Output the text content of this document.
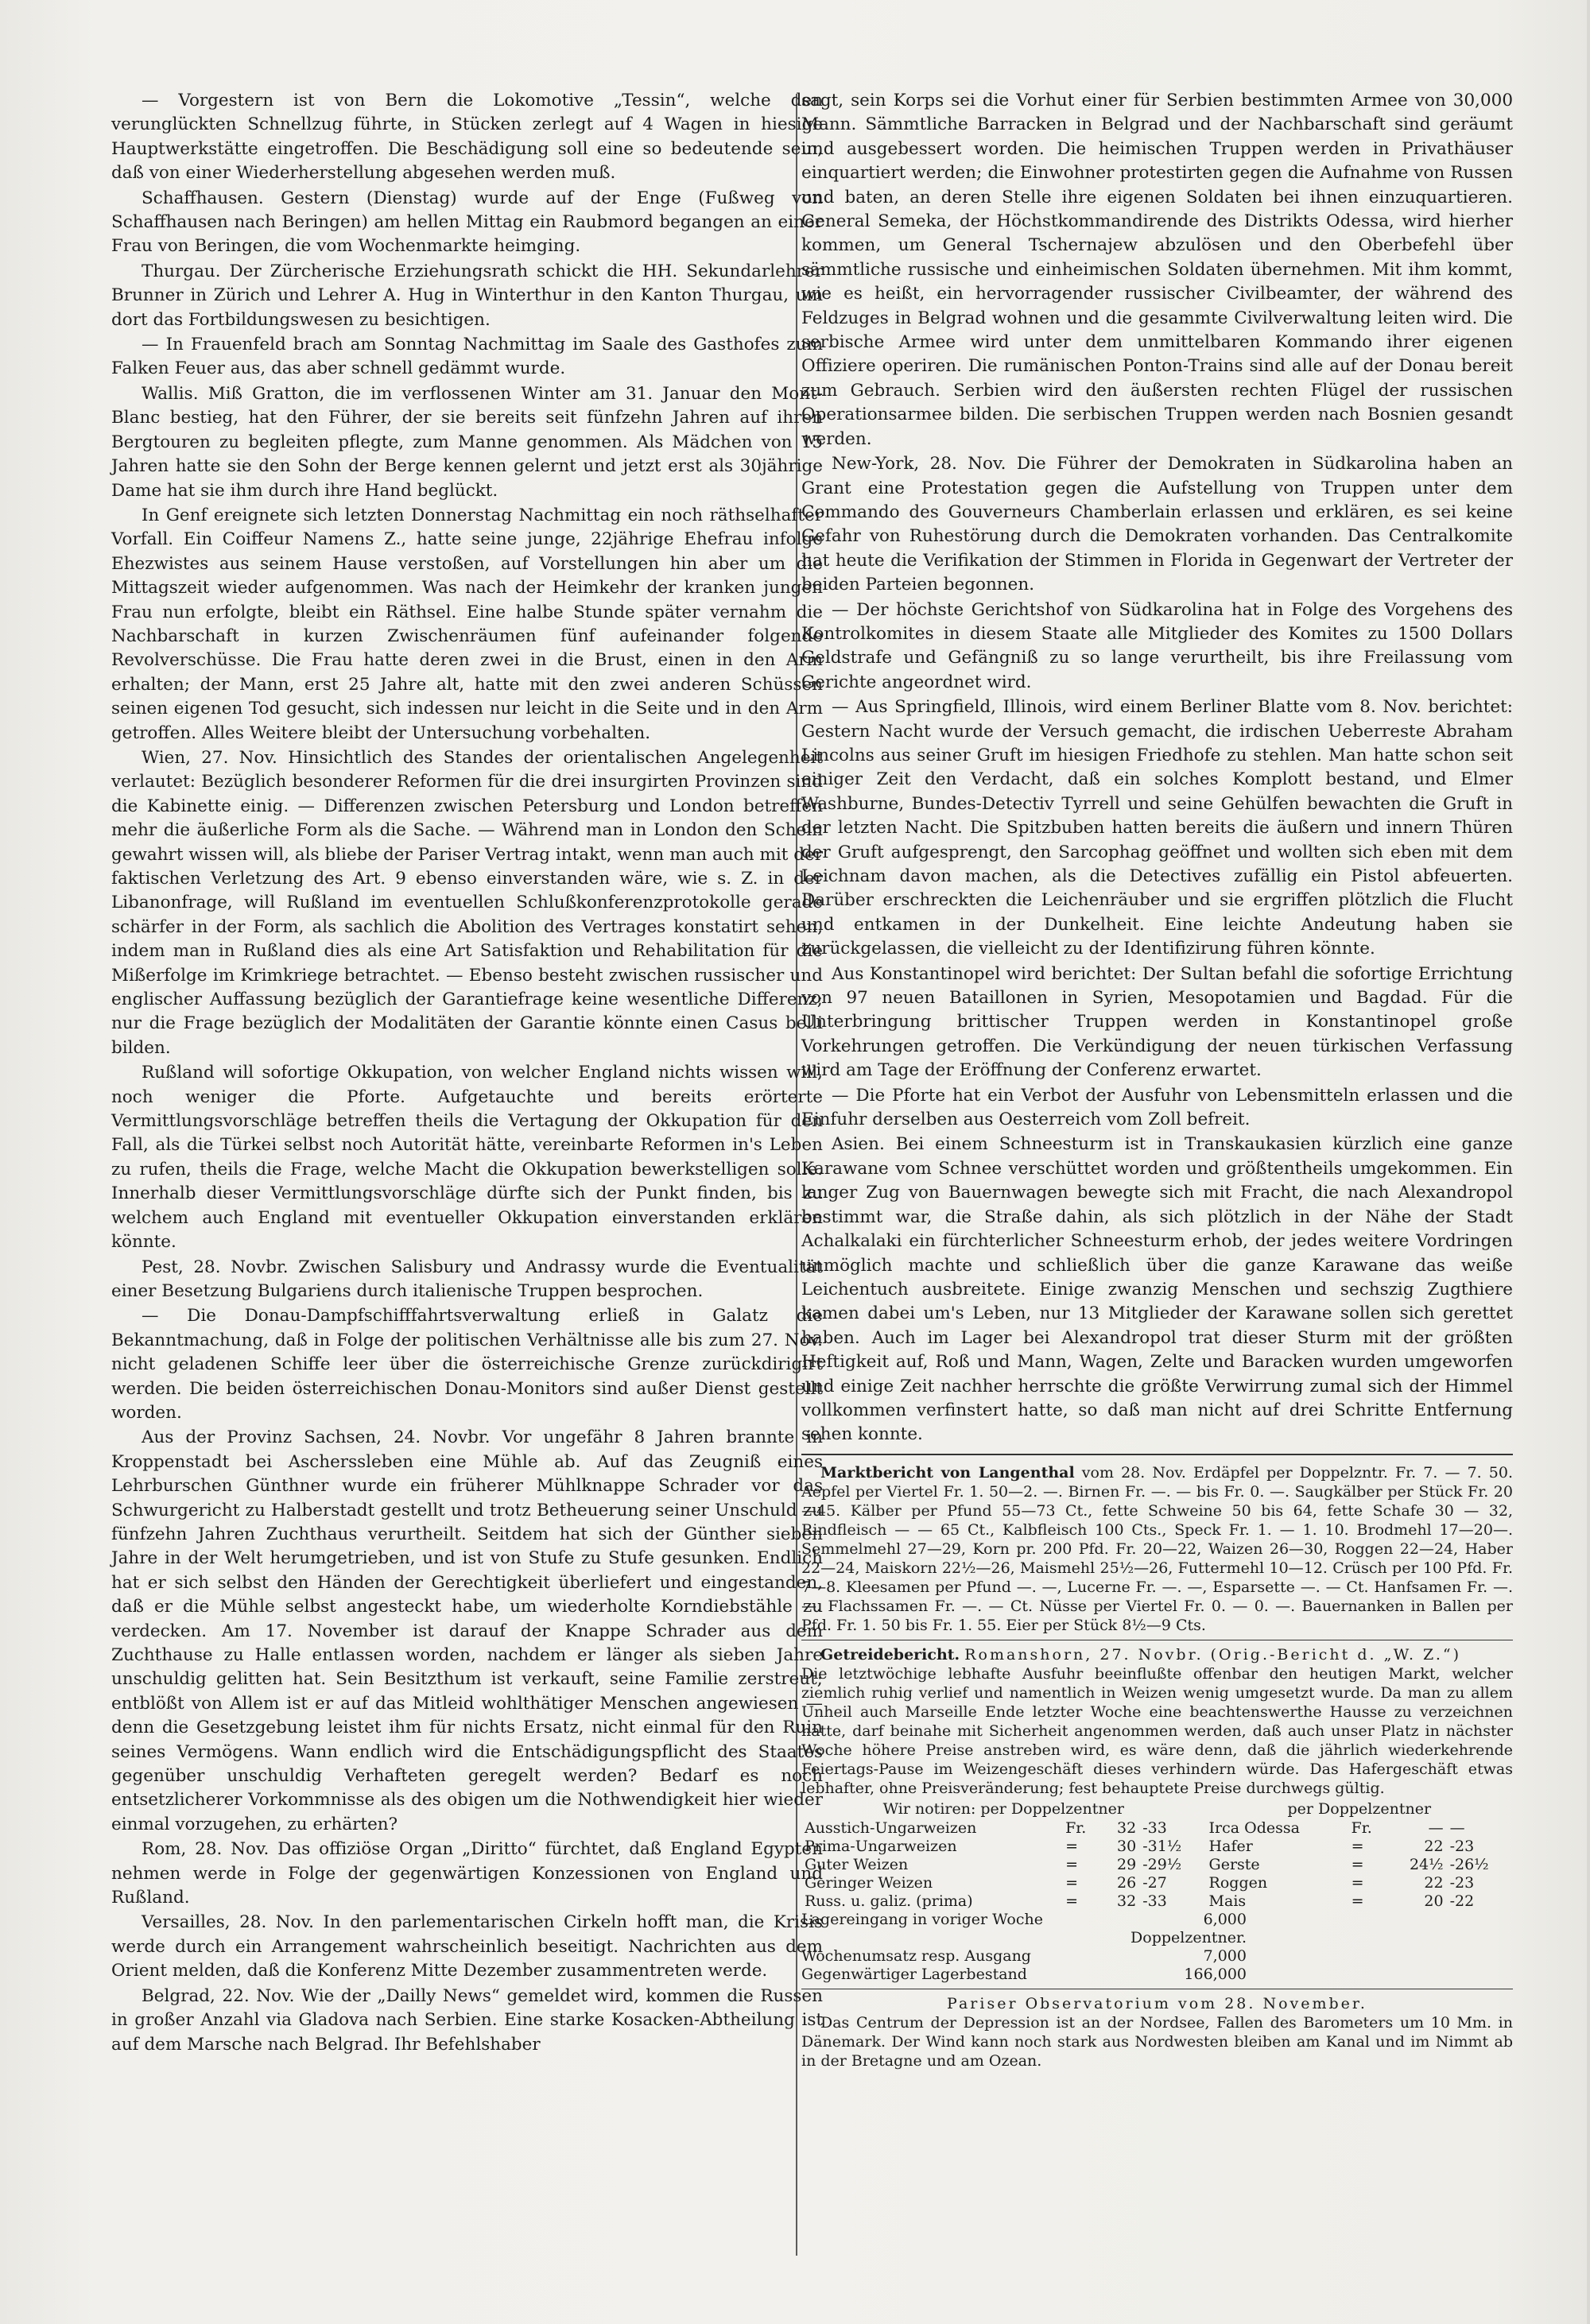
— Vorgestern ist von Bern die Lokomotive „Tessin“, welche den verunglückten Schnellzug führte, in Stücken zerlegt auf 4 Wagen in hiesige Hauptwerkstätte eingetroffen. Die Beschädigung soll eine so bedeutende sein, daß von einer Wiederherstellung abgesehen werden muß.

Schaffhausen. Gestern (Dienstag) wurde auf der Enge (Fußweg von Schaffhausen nach Beringen) am hellen Mittag ein Raubmord begangen an einer Frau von Beringen, die vom Wochenmarkte heimging.

Thurgau. Der Zürcherische Erziehungsrath schickt die HH. Sekundarlehrer Brunner in Zürich und Lehrer A. Hug in Winterthur in den Kanton Thurgau, um dort das Fortbildungswesen zu besichtigen.

— In Frauenfeld brach am Sonntag Nachmittag im Saale des Gasthofes zum Falken Feuer aus, das aber schnell gedämmt wurde.

Wallis. Miß Gratton, die im verflossenen Winter am 31. Januar den Mont-Blanc bestieg, hat den Führer, der sie bereits seit fünfzehn Jahren auf ihren Bergtouren zu begleiten pflegte, zum Manne genommen. Als Mädchen von 15 Jahren hatte sie den Sohn der Berge kennen gelernt und jetzt erst als 30jährige Dame hat sie ihm durch ihre Hand beglückt.

In Genf ereignete sich letzten Donnerstag Nachmittag ein noch räthselhafter Vorfall. Ein Coiffeur Namens Z., hatte seine junge, 22jährige Ehefrau infolge Ehezwistes aus seinem Hause verstoßen, auf Vorstellungen hin aber um die Mittagszeit wieder aufgenommen. Was nach der Heimkehr der kranken jungen Frau nun erfolgte, bleibt ein Räthsel. Eine halbe Stunde später vernahm die Nachbarschaft in kurzen Zwischenräumen fünf aufeinander folgende Revolverschüsse. Die Frau hatte deren zwei in die Brust, einen in den Arm erhalten; der Mann, erst 25 Jahre alt, hatte mit den zwei anderen Schüssen seinen eigenen Tod gesucht, sich indessen nur leicht in die Seite und in den Arm getroffen. Alles Weitere bleibt der Untersuchung vorbehalten.

Wien, 27. Nov. Hinsichtlich des Standes der orientalischen Angelegenheit verlautet: Bezüglich besonderer Reformen für die drei insurgirten Provinzen sind die Kabinette einig. — Differenzen zwischen Petersburg und London betreffen mehr die äußerliche Form als die Sache. — Während man in London den Schein gewahrt wissen will, als bliebe der Pariser Vertrag intakt, wenn man auch mit der faktischen Verletzung des Art. 9 ebenso einverstanden wäre, wie s. Z. in der Libanonfrage, will Rußland im eventuellen Schlußkonferenzprotokolle gerade schärfer in der Form, als sachlich die Abolition des Vertrages konstatirt sehen, indem man in Rußland dies als eine Art Satisfaktion und Rehabilitation für die Mißerfolge im Krimkriege betrachtet. — Ebenso besteht zwischen russischer und englischer Auffassung bezüglich der Garantiefrage keine wesentliche Differenz; nur die Frage bezüglich der Modalitäten der Garantie könnte einen Casus belli bilden.

Rußland will sofortige Okkupation, von welcher England nichts wissen will, noch weniger die Pforte. Aufgetauchte und bereits erörterte Vermittlungsvorschläge betreffen theils die Vertagung der Okkupation für den Fall, als die Türkei selbst noch Autorität hätte, vereinbarte Reformen in's Leben zu rufen, theils die Frage, welche Macht die Okkupation bewerkstelligen solle. Innerhalb dieser Vermittlungsvorschläge dürfte sich der Punkt finden, bis zu welchem auch England mit eventueller Okkupation einverstanden erklären könnte.

Pest, 28. Novbr. Zwischen Salisbury und Andrassy wurde die Eventualität einer Besetzung Bulgariens durch italienische Truppen besprochen.

— Die Donau-Dampfschifffahrtsverwaltung erließ in Galatz die Bekanntmachung, daß in Folge der politischen Verhältnisse alle bis zum 27. Nov. nicht geladenen Schiffe leer über die österreichische Grenze zurückdirigirt werden. Die beiden österreichischen Donau-Monitors sind außer Dienst gestellt worden.

Aus der Provinz Sachsen, 24. Novbr. Vor ungefähr 8 Jahren brannte in Kroppenstadt bei Ascherssleben eine Mühle ab. Auf das Zeugniß eines Lehrburschen Günthner wurde ein früherer Mühlknappe Schrader vor das Schwurgericht zu Halberstadt gestellt und trotz Betheuerung seiner Unschuld zu fünfzehn Jahren Zuchthaus verurtheilt. Seitdem hat sich der Günther sieben Jahre in der Welt herumgetrieben, und ist von Stufe zu Stufe gesunken. Endlich hat er sich selbst den Händen der Gerechtigkeit überliefert und eingestanden, daß er die Mühle selbst angesteckt habe, um wiederholte Korndiebstähle zu verdecken. Am 17. November ist darauf der Knappe Schrader aus dem Zuchthause zu Halle entlassen worden, nachdem er länger als sieben Jahre unschuldig gelitten hat. Sein Besitzthum ist verkauft, seine Familie zerstreut; entblößt von Allem ist er auf das Mitleid wohlthätiger Menschen angewiesen — denn die Gesetzgebung leistet ihm für nichts Ersatz, nicht einmal für den Ruin seines Vermögens. Wann endlich wird die Entschädigungspflicht des Staates gegenüber unschuldig Verhafteten geregelt werden? Bedarf es noch entsetzlicherer Vorkommnisse als des obigen um die Nothwendigkeit hier wieder einmal vorzugehen, zu erhärten?

Rom, 28. Nov. Das offiziöse Organ „Diritto“ fürchtet, daß England Egypten nehmen werde in Folge der gegenwärtigen Konzessionen von England und Rußland.

Versailles, 28. Nov. In den parlementarischen Cirkeln hofft man, die Krisis werde durch ein Arrangement wahrscheinlich beseitigt. Nachrichten aus dem Orient melden, daß die Konferenz Mitte Dezember zusammentreten werde.

Belgrad, 22. Nov. Wie der „Dailly News“ gemeldet wird, kommen die Russen in großer Anzahl via Gladova nach Serbien. Eine starke Kosacken-Abtheilung ist auf dem Marsche nach Belgrad. Ihr Befehlshaber

sagt, sein Korps sei die Vorhut einer für Serbien bestimmten Armee von 30,000 Mann. Sämmtliche Barracken in Belgrad und der Nachbarschaft sind geräumt und ausgebessert worden. Die heimischen Truppen werden in Privathäuser einquartiert werden; die Einwohner protestirten gegen die Aufnahme von Russen und baten, an deren Stelle ihre eigenen Soldaten bei ihnen einzuquartieren. General Semeka, der Höchstkommandirende des Distrikts Odessa, wird hierher kommen, um General Tschernajew abzulösen und den Oberbefehl über sämmtliche russische und einheimischen Soldaten übernehmen. Mit ihm kommt, wie es heißt, ein hervorragender russischer Civilbeamter, der während des Feldzuges in Belgrad wohnen und die gesammte Civilverwaltung leiten wird. Die serbische Armee wird unter dem unmittelbaren Kommando ihrer eigenen Offiziere operiren. Die rumänischen Ponton-Trains sind alle auf der Donau bereit zum Gebrauch. Serbien wird den äußersten rechten Flügel der russischen Operationsarmee bilden. Die serbischen Truppen werden nach Bosnien gesandt werden.

New-York, 28. Nov. Die Führer der Demokraten in Südkarolina haben an Grant eine Protestation gegen die Aufstellung von Truppen unter dem Commando des Gouverneurs Chamberlain erlassen und erklären, es sei keine Gefahr von Ruhestörung durch die Demokraten vorhanden. Das Centralkomite hat heute die Verifikation der Stimmen in Florida in Gegenwart der Vertreter der beiden Parteien begonnen.

— Der höchste Gerichtshof von Südkarolina hat in Folge des Vorgehens des Kontrolkomites in diesem Staate alle Mitglieder des Komites zu 1500 Dollars Geldstrafe und Gefängniß zu so lange verurtheilt, bis ihre Freilassung vom Gerichte angeordnet wird.

— Aus Springfield, Illinois, wird einem Berliner Blatte vom 8. Nov. berichtet: Gestern Nacht wurde der Versuch gemacht, die irdischen Ueberreste Abraham Lincolns aus seiner Gruft im hiesigen Friedhofe zu stehlen. Man hatte schon seit einiger Zeit den Verdacht, daß ein solches Komplott bestand, und Elmer Washburne, Bundes-Detectiv Tyrrell und seine Gehülfen bewachten die Gruft in der letzten Nacht. Die Spitzbuben hatten bereits die äußern und innern Thüren der Gruft aufgesprengt, den Sarcophag geöffnet und wollten sich eben mit dem Leichnam davon machen, als die Detectives zufällig ein Pistol abfeuerten. Darüber erschreckten die Leichenräuber und sie ergriffen plötzlich die Flucht und entkamen in der Dunkelheit. Eine leichte Andeutung haben sie zurückgelassen, die vielleicht zu der Identifizirung führen könnte.

Aus Konstantinopel wird berichtet: Der Sultan befahl die sofortige Errichtung von 97 neuen Bataillonen in Syrien, Mesopotamien und Bagdad. Für die Unterbringung brittischer Truppen werden in Konstantinopel große Vorkehrungen getroffen. Die Verkündigung der neuen türkischen Verfassung wird am Tage der Eröffnung der Conferenz erwartet.

— Die Pforte hat ein Verbot der Ausfuhr von Lebensmitteln erlassen und die Einfuhr derselben aus Oesterreich vom Zoll befreit.

Asien. Bei einem Schneesturm ist in Transkaukasien kürzlich eine ganze Karawane vom Schnee verschüttet worden und größtentheils umgekommen. Ein langer Zug von Bauernwagen bewegte sich mit Fracht, die nach Alexandropol bestimmt war, die Straße dahin, als sich plötzlich in der Nähe der Stadt Achalkalaki ein fürchterlicher Schneesturm erhob, der jedes weitere Vordringen unmöglich machte und schließlich über die ganze Karawane das weiße Leichentuch ausbreitete. Einige zwanzig Menschen und sechszig Zugthiere kamen dabei um's Leben, nur 13 Mitglieder der Karawane sollen sich gerettet haben. Auch im Lager bei Alexandropol trat dieser Sturm mit der größten Heftigkeit auf, Roß und Mann, Wagen, Zelte und Baracken wurden umgeworfen und einige Zeit nachher herrschte die größte Verwirrung zumal sich der Himmel vollkommen verfinstert hatte, so daß man nicht auf drei Schritte Entfernung sehen konnte.

Marktbericht von Langenthal vom 28. Nov. Erdäpfel per Doppelzntr. Fr. 7. — 7. 50. Aepfel per Viertel Fr. 1. 50—2. —. Birnen Fr. —. — bis Fr. 0. —. Saugkälber per Stück Fr. 20—45. Kälber per Pfund 55—73 Ct., fette Schweine 50 bis 64, fette Schafe 30 — 32, Rindfleisch — — 65 Ct., Kalbfleisch 100 Cts., Speck Fr. 1. — 1. 10. Brodmehl 17—20—. Semmelmehl 27—29, Korn pr. 200 Pfd. Fr. 20—22, Waizen 26—30, Roggen 22—24, Haber 22—24, Maiskorn 22½—26, Maismehl 25½—26, Futtermehl 10—12. Crüsch per 100 Pfd. Fr. 7—8. Kleesamen per Pfund —. —, Lucerne Fr. —. —, Esparsette —. — Ct. Hanfsamen Fr. —. —. Flachssamen Fr. —. — Ct. Nüsse per Viertel Fr. 0. — 0. —. Bauernanken in Ballen per Pfd. Fr. 1. 50 bis Fr. 1. 55. Eier per Stück 8½—9 Cts.

Getreidebericht. Romanshorn, 27. Novbr. (Orig.-Bericht d. „W. Z.“)

Die letztwöchige lebhafte Ausfuhr beeinflußte offenbar den heutigen Markt, welcher ziemlich ruhig verlief und namentlich in Weizen wenig umgesetzt wurde. Da man zu allem Unheil auch Marseille Ende letzter Woche eine beachtenswerthe Hausse zu verzeichnen hatte, darf beinahe mit Sicherheit angenommen werden, daß auch unser Platz in nächster Woche höhere Preise anstreben wird, es wäre denn, daß die jährlich wiederkehrende Feiertags-Pause im Weizengeschäft dieses verhindern würde. Das Hafergeschäft etwas lebhafter, ohne Preisveränderung; fest behauptete Preise durchwegs gültig.

Wir notiren: per Doppelzentner				per Doppelzentner			
Ausstich-Ungarweizen	Fr.	32	-33	Irca Odessa	Fr.	—	—
Prima-Ungarweizen	=	30	-31½	Hafer	=	22	-23
Guter Weizen	=	29	-29½	Gerste	=	24½	-26½
Geringer Weizen	=	26	-27	Roggen	=	22	-23
Russ. u. galiz. (prima)	=	32	-33	Mais	=	20	-22
Lagereingang in voriger Woche	6,000 Doppelzentner.
Wochenumsatz resp. Ausgang	7,000
Gegenwärtiger Lagerbestand	166,000

Pariser Observatorium vom 28. November.

Das Centrum der Depression ist an der Nordsee, Fallen des Barometers um 10 Mm. in Dänemark. Der Wind kann noch stark aus Nordwesten bleiben am Kanal und im Nimmt ab in der Bretagne und am Ozean.
